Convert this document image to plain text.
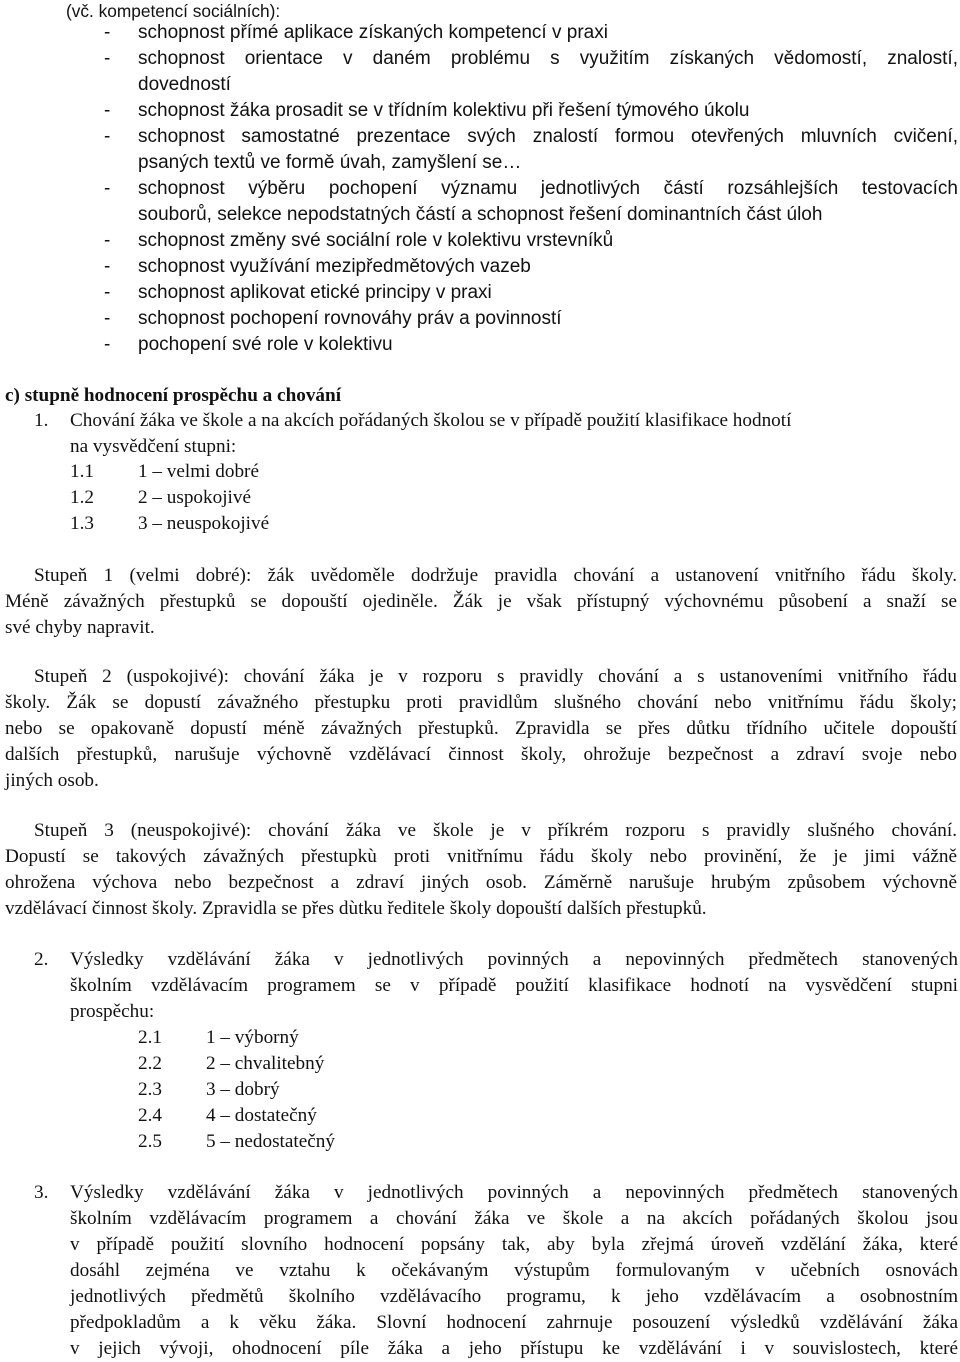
(vč. kompetencí sociálních):
-	schopnost přímé aplikace získaných kompetencí v praxi
-	schopnost orientace v daném problému s využitím získaných vědomostí, znalostí,
dovedností
-	schopnost žáka prosadit se v třídním kolektivu při řešení týmového úkolu
-	schopnost samostatné prezentace svých znalostí formou otevřených mluvních cvičení,
psaných textů ve formě úvah, zamyšlení se…
-	schopnost výběru pochopení významu jednotlivých částí rozsáhlejších testovacích
souborů, selekce nepodstatných částí a schopnost řešení dominantních část úloh
-	schopnost změny své sociální role v kolektivu vrstevníků
-	schopnost využívání mezipředmětových vazeb
-	schopnost aplikovat etické principy v praxi
-	schopnost pochopení rovnováhy práv a povinností
-	pochopení své role v kolektivu
c) stupně hodnocení prospěchu a chování
1. Chování žáka ve škole a na akcích pořádaných školou se v případě použití klasifikace hodnotí
na vysvědčení stupni:
1.1 1 – velmi dobré
1.2 2 – uspokojivé
1.3 3 – neuspokojivé
Stupeň 1 (velmi dobré): žák uvědoměle dodržuje pravidla chování a ustanovení vnitřního řádu školy.
Méně závažných přestupků se dopouští ojediněle. Žák je však přístupný výchovnému působení a snaží se
své chyby napravit.
Stupeň 2 (uspokojivé): chování žáka je v rozporu s pravidly chování a s ustanoveními vnitřního řádu
školy. Žák se dopustí závažného přestupku proti pravidlům slušného chování nebo vnitřnímu řádu školy;
nebo se opakovaně dopustí méně závažných přestupků. Zpravidla se přes důtku třídního učitele dopouští
dalších přestupků, narušuje výchovně vzdělávací činnost školy, ohrožuje bezpečnost a zdraví svoje nebo
jiných osob.
Stupeň 3 (neuspokojivé): chování žáka ve škole je v příkrém rozporu s pravidly slušného chování.
Dopustí se takových závažných přestupkù proti vnitřnímu řádu školy nebo provinění, že je jimi vážně
ohrožena výchova nebo bezpečnost a zdraví jiných osob. Záměrně narušuje hrubým způsobem výchovně
vzdělávací činnost školy. Zpravidla se přes dùtku ředitele školy dopouští dalších přestupků.
2. Výsledky vzdělávání žáka v jednotlivých povinných a nepovinných předmětech stanovených
školním vzdělávacím programem se v případě použití klasifikace hodnotí na vysvědčení stupni
prospěchu:
2.1 1 – výborný
2.2 2 – chvalitebný
2.3 3 – dobrý
2.4 4 – dostatečný
2.5 5 – nedostatečný
3. Výsledky vzdělávání žáka v jednotlivých povinných a nepovinných předmětech stanovených
školním vzdělávacím programem a chování žáka ve škole a na akcích pořádaných školou jsou
v případě použití slovního hodnocení popsány tak, aby byla zřejmá úroveň vzdělání žáka, které
dosáhl zejména ve vztahu k očekávaným výstupům formulovaným v učebních osnovách
jednotlivých předmětů školního vzdělávacího programu, k jeho vzdělávacím a osobnostním
předpokladům a k věku žáka. Slovní hodnocení zahrnuje posouzení výsledků vzdělávání žáka
v jejich vývoji, ohodnocení píle žáka a jeho přístupu ke vzdělávání i v souvislostech, které
